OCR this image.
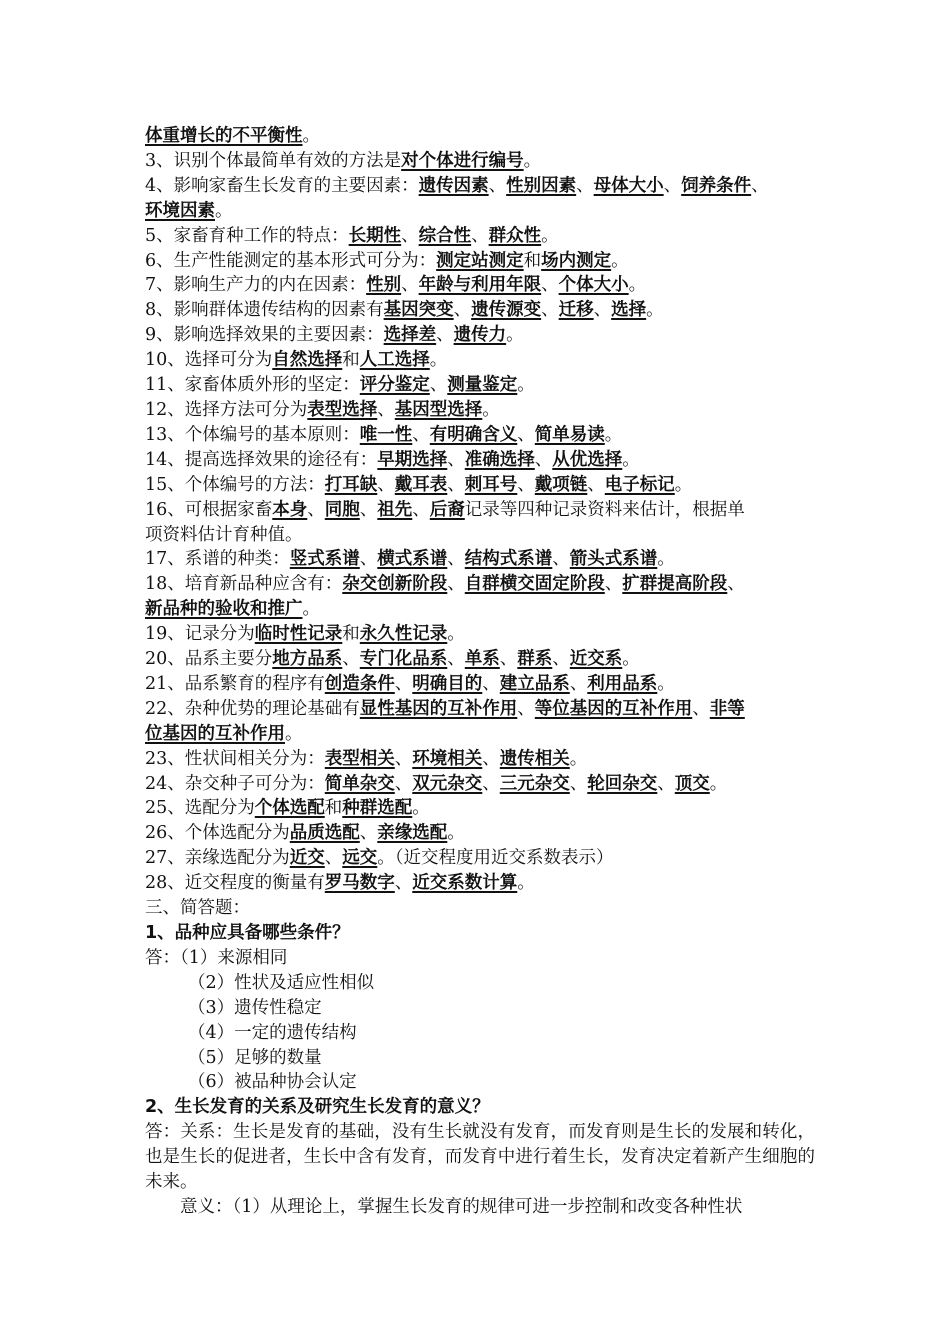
体重增长的不平衡性。
3、识别个体最简单有效的方法是对个体进行编号。
4、影响家畜生长发育的主要因素：遗传因素、性别因素、母体大小、饲养条件、
环境因素。
5、家畜育种工作的特点：长期性、综合性、群众性。
6、生产性能测定的基本形式可分为：测定站测定和场内测定。
7、影响生产力的内在因素：性别、年龄与利用年限、个体大小。
8、影响群体遗传结构的因素有基因突变、遗传源变、迁移、选择。
9、影响选择效果的主要因素：选择差、遗传力。
10、选择可分为自然选择和人工选择。
11、家畜体质外形的坚定：评分鉴定、测量鉴定。
12、选择方法可分为表型选择、基因型选择。
13、个体编号的基本原则：唯一性、有明确含义、简单易读。
14、提高选择效果的途径有：早期选择、准确选择、从优选择。
15、个体编号的方法：打耳缺、戴耳表、刺耳号、戴项链、电子标记。
16、可根据家畜本身、同胞、祖先、后裔记录等四种记录资料来估计，根据单
项资料估计育种值。
17、系谱的种类：竖式系谱、横式系谱、结构式系谱、箭头式系谱。
18、培育新品种应含有：杂交创新阶段、自群横交固定阶段、扩群提高阶段、
新品种的验收和推广。
19、记录分为临时性记录和永久性记录。
20、品系主要分地方品系、专门化品系、单系、群系、近交系。
21、品系繁育的程序有创造条件、明确目的、建立品系、利用品系。
22、杂种优势的理论基础有显性基因的互补作用、等位基因的互补作用、非等
位基因的互补作用。
23、性状间相关分为：表型相关、环境相关、遗传相关。
24、杂交种子可分为：简单杂交、双元杂交、三元杂交、轮回杂交、顶交。
25、选配分为个体选配和种群选配。
26、个体选配分为品质选配、亲缘选配。
27、亲缘选配分为近交、远交。（近交程度用近交系数表示）
28、近交程度的衡量有罗马数字、近交系数计算。
三、简答题：
1、品种应具备哪些条件？
答：（1）来源相同
（2）性状及适应性相似
（3）遗传性稳定
（4）一定的遗传结构
（5）足够的数量
（6）被品种协会认定
2、生长发育的关系及研究生长发育的意义？
答：关系：生长是发育的基础，没有生长就没有发育，而发育则是生长的发展和转化，也是生长的促进者，生长中含有发育，而发育中进行着生长，发育决定着新产生细胞的未来。
意义：（1）从理论上，掌握生长发育的规律可进一步控制和改变各种性状
